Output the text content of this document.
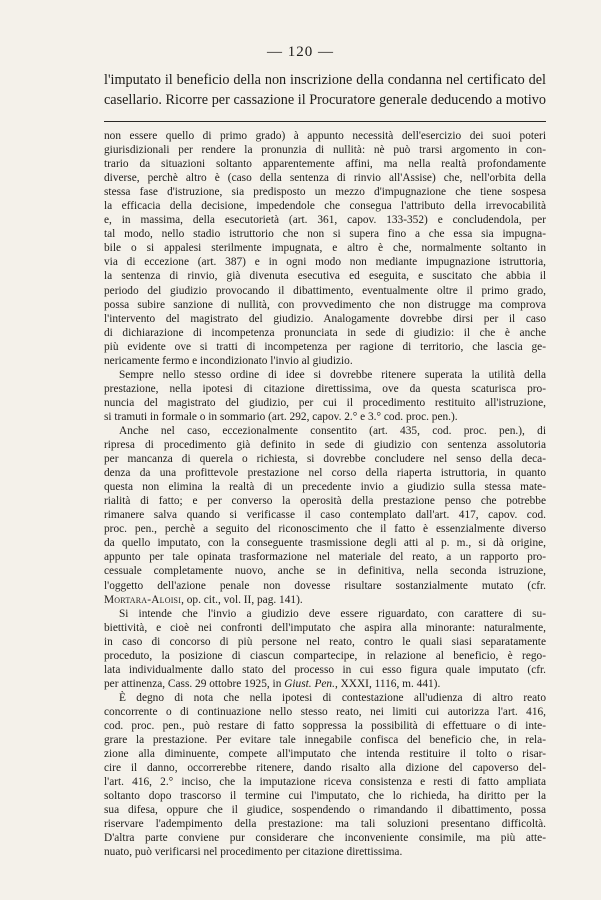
— 120 —
l'imputato il beneficio della non inscrizione della condanna nel certificato del
casellario. Ricorre per cassazione il Procuratore generale deducendo a motivo
non essere quello di primo grado) à appunto necessità dell'esercizio dei suoi poteri
giurisdizionali per rendere la pronunzia di nullità: nè può trarsi argomento in con-
trario da situazioni soltanto apparentemente affini, ma nella realtà profondamente
diverse, perchè altro è (caso della sentenza di rinvio all'Assise) che, nell'orbita della
stessa fase d'istruzione, sia predisposto un mezzo d'impugnazione che tiene sospesa
la efficacia della decisione, impedendole che consegua l'attributo della irrevocabilità
e, in massima, della esecutorietà (art. 361, capov. 133-352) e concludendola, per
tal modo, nello stadio istruttorio che non si supera fino a che essa sia impugna-
bile o si appalesi sterilmente impugnata, e altro è che, normalmente soltanto in
via di eccezione (art. 387) e in ogni modo non mediante impugnazione istruttoria,
la sentenza di rinvio, già divenuta esecutiva ed eseguita, e suscitato che abbia il
periodo del giudizio provocando il dibattimento, eventualmente oltre il primo grado,
possa subire sanzione di nullità, con provvedimento che non distrugge ma comprova
l'intervento del magistrato del giudizio. Analogamente dovrebbe dirsi per il caso
di dichiarazione di incompetenza pronunciata in sede di giudizio: il che è anche
più evidente ove si tratti di incompetenza per ragione di territorio, che lascia ge-
nericamente fermo e incondizionato l'invio al giudizio.
Sempre nello stesso ordine di idee si dovrebbe ritenere superata la utilità della
prestazione, nella ipotesi di citazione direttissima, ove da questa scaturisca pro-
nuncia del magistrato del giudizio, per cui il procedimento restituito all'istruzione,
si tramuti in formale o in sommario (art. 292, capov. 2.° e 3.° cod. proc. pen.).
Anche nel caso, eccezionalmente consentito (art. 435, cod. proc. pen.), di
ripresa di procedimento già definito in sede di giudizio con sentenza assolutoria
per mancanza di querela o richiesta, si dovrebbe concludere nel senso della deca-
denza da una profittevole prestazione nel corso della riaperta istruttoria, in quanto
questa non elimina la realtà di un precedente invio a giudizio sulla stessa mate-
rialità di fatto; e per converso la operosità della prestazione penso che potrebbe
rimanere salva quando si verificasse il caso contemplato dall'art. 417, capov. cod.
proc. pen., perchè a seguito del riconoscimento che il fatto è essenzialmente diverso
da quello imputato, con la conseguente trasmissione degli atti al p. m., si dà origine,
appunto per tale opinata trasformazione nel materiale del reato, a un rapporto pro-
cessuale completamente nuovo, anche se in definitiva, nella seconda istruzione,
l'oggetto dell'azione penale non dovesse risultare sostanzialmente mutato (cfr.
Mortara-Aloisi, op. cit., vol. II, pag. 141).
Si intende che l'invio a giudizio deve essere riguardato, con carattere di su-
biettività, e cioè nei confronti dell'imputato che aspira alla minorante: naturalmente,
in caso di concorso di più persone nel reato, contro le quali siasi separatamente
proceduto, la posizione di ciascun compartecipe, in relazione al beneficio, è rego-
lata individualmente dallo stato del processo in cui esso figura quale imputato (cfr.
per attinenza, Cass. 29 ottobre 1925, in Giust. Pen., XXXI, 1116, m. 441).
È degno di nota che nella ipotesi di contestazione all'udienza di altro reato
concorrente o di continuazione nello stesso reato, nei limiti cui autorizza l'art. 416,
cod. proc. pen., può restare di fatto soppressa la possibilità di effettuare o di inte-
grare la prestazione. Per evitare tale innegabile confisca del beneficio che, in rela-
zione alla diminuente, compete all'imputato che intenda restituire il tolto o risar-
cire il danno, occorrerebbe ritenere, dando risalto alla dizione del capoverso del-
l'art. 416, 2.° inciso, che la imputazione riceva consistenza e resti di fatto ampliata
soltanto dopo trascorso il termine cui l'imputato, che lo richieda, ha diritto per la
sua difesa, oppure che il giudice, sospendendo o rimandando il dibattimento, possa
riservare l'adempimento della prestazione: ma tali soluzioni presentano difficoltà.
D'altra parte conviene pur considerare che inconveniente consimile, ma più atte-
nuato, può verificarsi nel procedimento per citazione direttissima.
